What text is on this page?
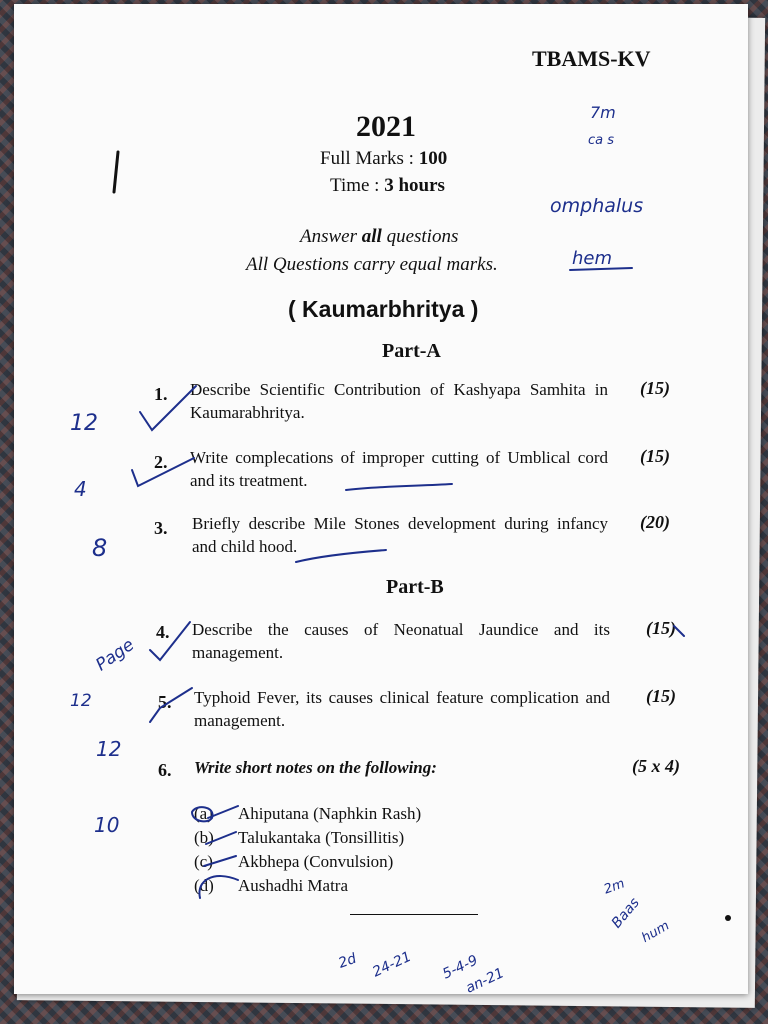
TBAMS-KV
2021
Full Marks : 100
Time : 3 hours
Answer all questions
All Questions carry equal marks.
( Kaumarbhritya )
Part-A
1. Describe Scientific Contribution of Kashyapa Samhita in Kaumarabhritya.
(15)
2. Write complecations of improper cutting of Umblical cord and its treatment.
(15)
3. Briefly describe Mile Stones development during infancy and child hood.
(20)
Part-B
4. Describe the causes of Neonatual Jaundice and its management.
(15)
5. Typhoid Fever, its causes clinical feature complication and management.
(15)
6. Write short notes on the following:	(5 x 4)
(a) Ahiputana (Naphkin Rash)
(b) Talukantaka (Tonsillitis)
(c) Akbhepa (Convulsion)
(d) Aushadhi Matra
7m
ca s
omphalus
hem
12
4
8
Page
12
12
10
2d 24-21 5-4-9
an-21
2m
Baas
hum
